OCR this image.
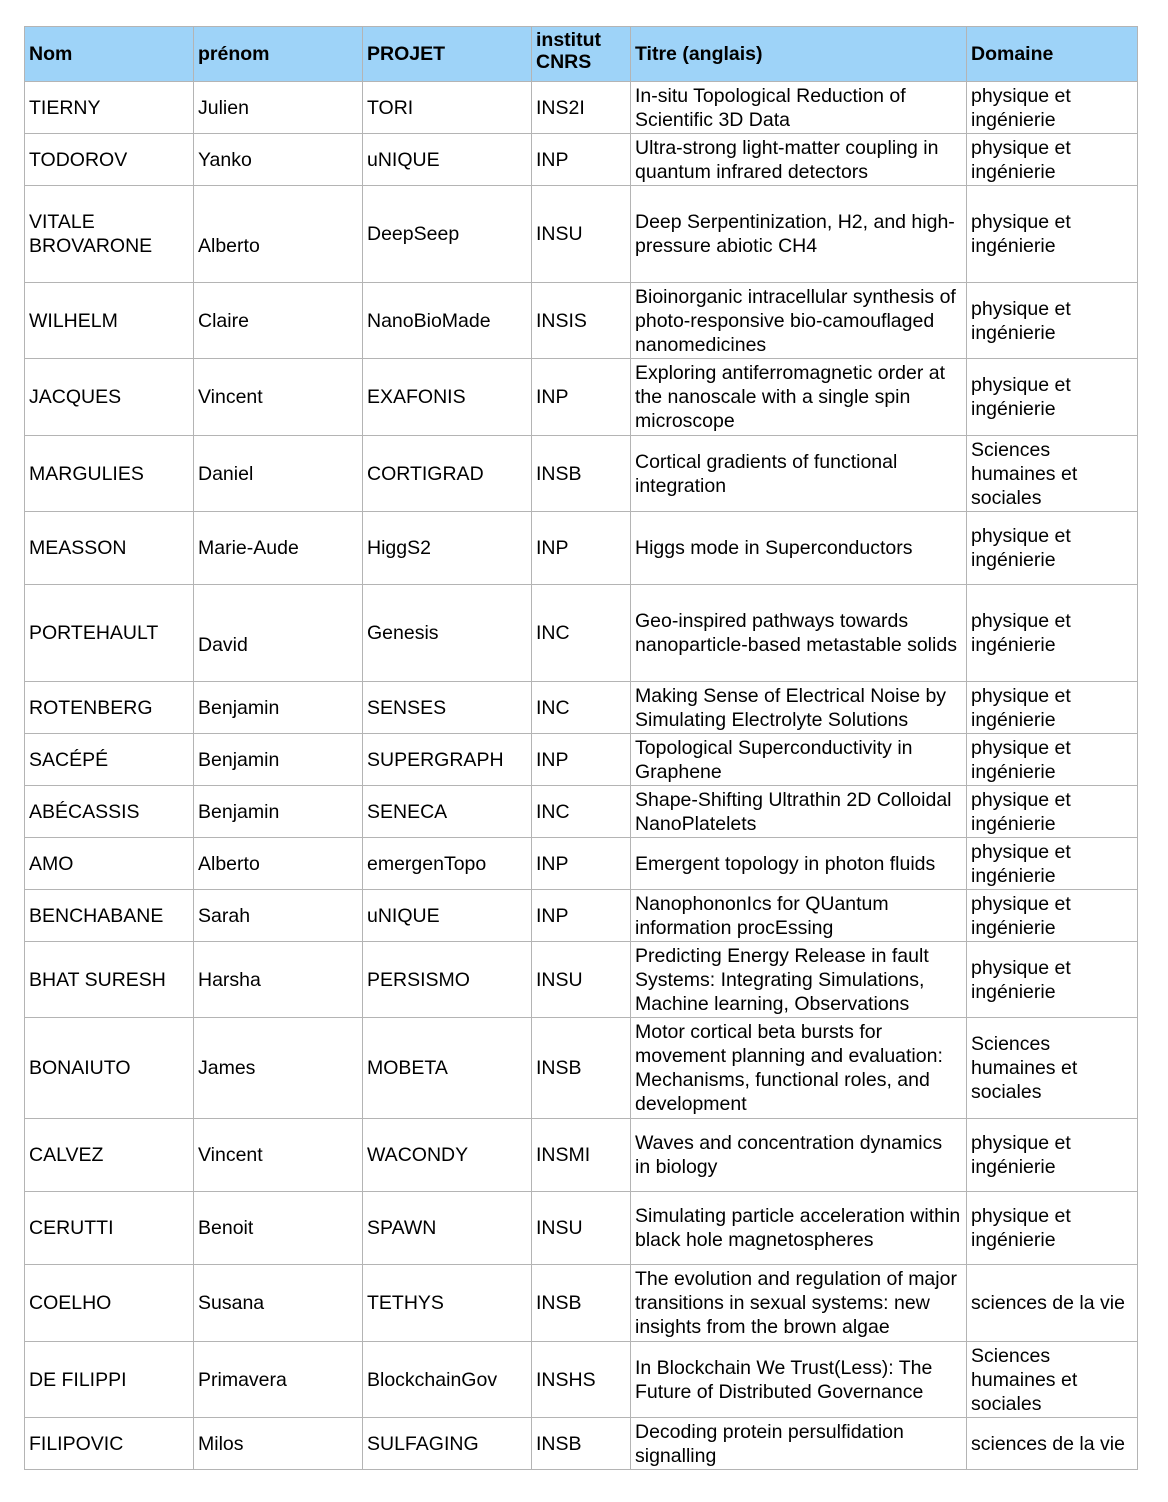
Nom	prénom	PROJET	institut CNRS	Titre (anglais)	Domaine
TIERNY	Julien	TORI	INS2I	In-situ Topological Reduction of Scientific 3D Data	physique et ingénierie
TODOROV	Yanko	uNIQUE	INP	Ultra-strong light-matter coupling in quantum infrared detectors	physique et ingénierie
VITALE BROVARONE	Alberto	DeepSeep	INSU	Deep Serpentinization, H2, and high- pressure abiotic CH4	physique et ingénierie
WILHELM	Claire	NanoBioMade	INSIS	Bioinorganic intracellular synthesis of photo-responsive bio-camouflaged nanomedicines	physique et ingénierie
JACQUES	Vincent	EXAFONIS	INP	Exploring antiferromagnetic order at the nanoscale with a single spin microscope	physique et ingénierie
MARGULIES	Daniel	CORTIGRAD	INSB	Cortical gradients of functional integration	Sciences humaines et sociales
MEASSON	Marie-Aude	HiggS2	INP	Higgs mode in Superconductors	physique et ingénierie
PORTEHAULT	David	Genesis	INC	Geo-inspired pathways towards nanoparticle-based metastable solids	physique et ingénierie
ROTENBERG	Benjamin	SENSES	INC	Making Sense of Electrical Noise by Simulating Electrolyte Solutions	physique et ingénierie
SACÉPÉ	Benjamin	SUPERGRAPH	INP	Topological Superconductivity in Graphene	physique et ingénierie
ABÉCASSIS	Benjamin	SENECA	INC	Shape-Shifting Ultrathin 2D Colloidal NanoPlatelets	physique et ingénierie
AMO	Alberto	emergenTopo	INP	Emergent topology in photon fluids	physique et ingénierie
BENCHABANE	Sarah	uNIQUE	INP	NanophononIcs for QUantum information procEssing	physique et ingénierie
BHAT SURESH	Harsha	PERSISMO	INSU	Predicting Energy Release in fault Systems: Integrating Simulations, Machine learning, Observations	physique et ingénierie
BONAIUTO	James	MOBETA	INSB	Motor cortical beta bursts for movement planning and evaluation: Mechanisms, functional roles, and development	Sciences humaines et sociales
CALVEZ	Vincent	WACONDY	INSMI	Waves and concentration dynamics in biology	physique et ingénierie
CERUTTI	Benoit	SPAWN	INSU	Simulating particle acceleration within black hole magnetospheres	physique et ingénierie
COELHO	Susana	TETHYS	INSB	The evolution and regulation of major transitions in sexual systems: new insights from the brown algae	sciences de la vie
DE FILIPPI	Primavera	BlockchainGov	INSHS	In Blockchain We Trust(Less): The Future of Distributed Governance	Sciences humaines et sociales
FILIPOVIC	Milos	SULFAGING	INSB	Decoding protein persulfidation signalling	sciences de la vie
